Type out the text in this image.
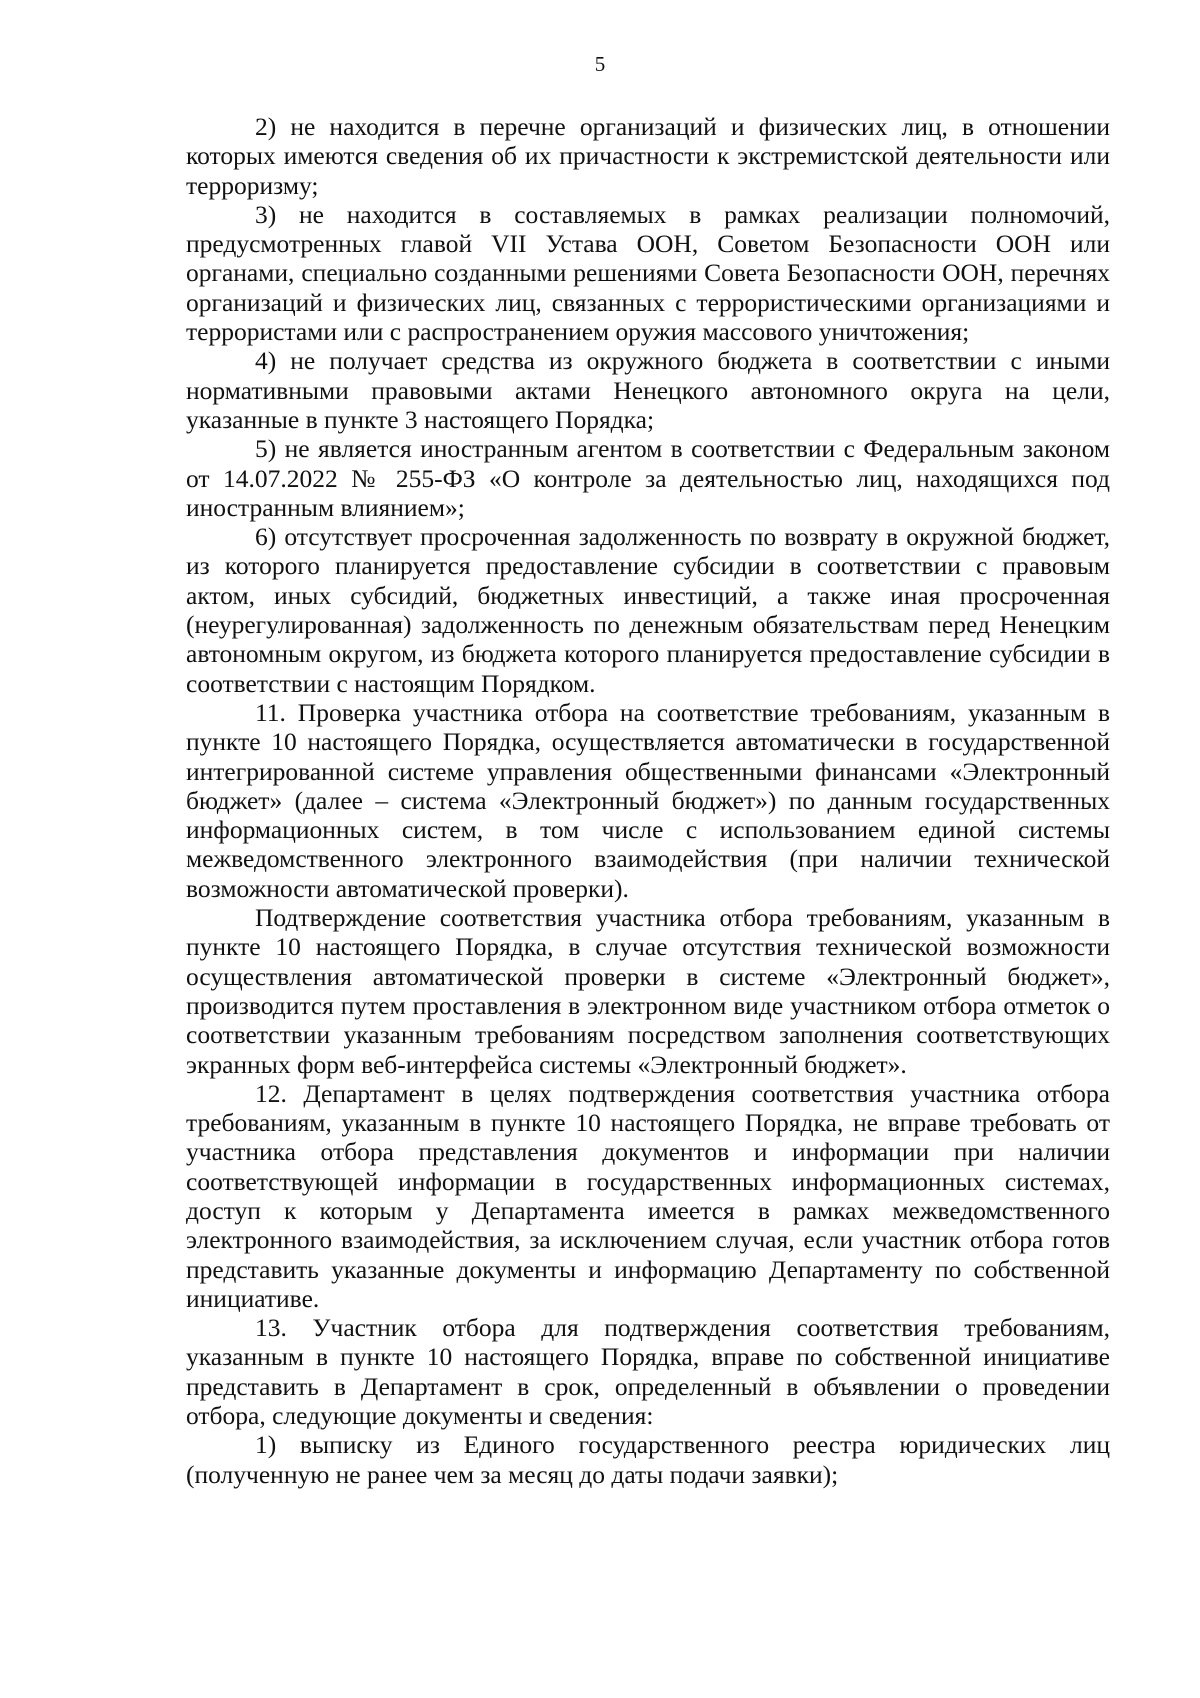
5

2) не находится в перечне организаций и физических лиц, в отношении которых имеются сведения об их причастности к экстремистской деятельности или терроризму;

3) не находится в составляемых в рамках реализации полномочий, предусмотренных главой VII Устава ООН, Советом Безопасности ООН или органами, специально созданными решениями Совета Безопасности ООН, перечнях организаций и физических лиц, связанных с террористическими организациями и террористами или с распространением оружия массового уничтожения;

4) не получает средства из окружного бюджета в соответствии с иными нормативными правовыми актами Ненецкого автономного округа на цели, указанные в пункте 3 настоящего Порядка;

5) не является иностранным агентом в соответствии с Федеральным законом от 14.07.2022 № 255-ФЗ «О контроле за деятельностью лиц, находящихся под иностранным влиянием»;

6) отсутствует просроченная задолженность по возврату в окружной бюджет, из которого планируется предоставление субсидии в соответствии с правовым актом, иных субсидий, бюджетных инвестиций, а также иная просроченная (неурегулированная) задолженность по денежным обязательствам перед Ненецким автономным округом, из бюджета которого планируется предоставление субсидии в соответствии с настоящим Порядком.

11. Проверка участника отбора на соответствие требованиям, указанным в пункте 10 настоящего Порядка, осуществляется автоматически в государственной интегрированной системе управления общественными финансами «Электронный бюджет» (далее – система «Электронный бюджет») по данным государственных информационных систем, в том числе с использованием единой системы межведомственного электронного взаимодействия (при наличии технической возможности автоматической проверки).

Подтверждение соответствия участника отбора требованиям, указанным в пункте 10 настоящего Порядка, в случае отсутствия технической возможности осуществления автоматической проверки в системе «Электронный бюджет», производится путем проставления в электронном виде участником отбора отметок о соответствии указанным требованиям посредством заполнения соответствующих экранных форм веб-интерфейса системы «Электронный бюджет».

12. Департамент в целях подтверждения соответствия участника отбора требованиям, указанным в пункте 10 настоящего Порядка, не вправе требовать от участника отбора представления документов и информации при наличии соответствующей информации в государственных информационных системах, доступ к которым у Департамента имеется в рамках межведомственного электронного взаимодействия, за исключением случая, если участник отбора готов представить указанные документы и информацию Департаменту по собственной инициативе.

13. Участник отбора для подтверждения соответствия требованиям, указанным в пункте 10 настоящего Порядка, вправе по собственной инициативе представить в Департамент в срок, определенный в объявлении о проведении отбора, следующие документы и сведения:

1) выписку из Единого государственного реестра юридических лиц (полученную не ранее чем за месяц до даты подачи заявки);
